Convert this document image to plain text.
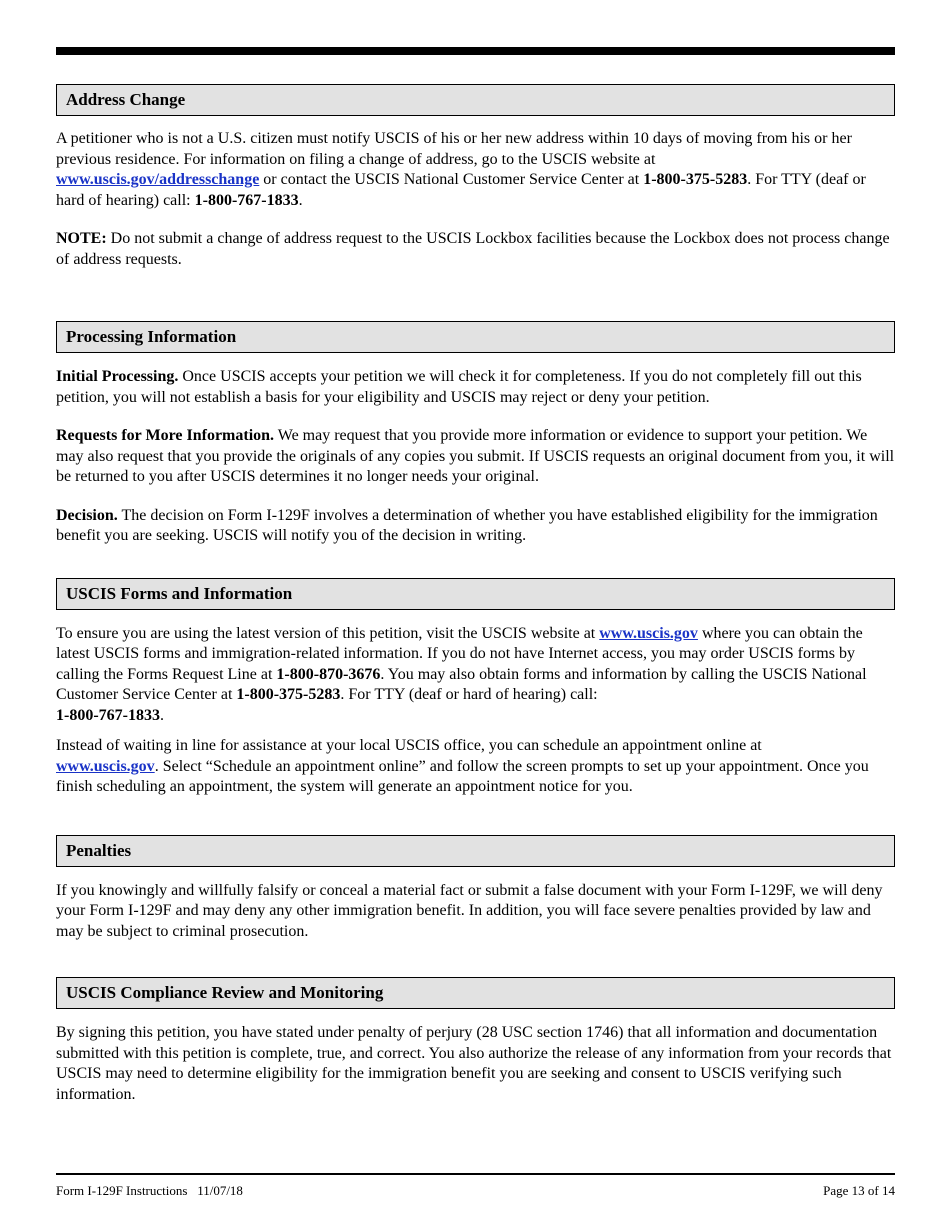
Address Change

A petitioner who is not a U.S. citizen must notify USCIS of his or her new address within 10 days of moving from his or her previous residence. For information on filing a change of address, go to the USCIS website at
www.uscis.gov/addresschange or contact the USCIS National Customer Service Center at 1-800-375-5283. For TTY (deaf or hard of hearing) call: 1-800-767-1833.

NOTE: Do not submit a change of address request to the USCIS Lockbox facilities because the Lockbox does not process change of address requests.

Processing Information

Initial Processing. Once USCIS accepts your petition we will check it for completeness. If you do not completely fill out this petition, you will not establish a basis for your eligibility and USCIS may reject or deny your petition.

Requests for More Information. We may request that you provide more information or evidence to support your petition. We may also request that you provide the originals of any copies you submit. If USCIS requests an original document from you, it will be returned to you after USCIS determines it no longer needs your original.

Decision. The decision on Form I-129F involves a determination of whether you have established eligibility for the immigration benefit you are seeking. USCIS will notify you of the decision in writing.

USCIS Forms and Information

To ensure you are using the latest version of this petition, visit the USCIS website at www.uscis.gov where you can obtain the latest USCIS forms and immigration-related information. If you do not have Internet access, you may order USCIS forms by calling the Forms Request Line at 1-800-870-3676. You may also obtain forms and information by calling the USCIS National Customer Service Center at 1-800-375-5283. For TTY (deaf or hard of hearing) call:
1-800-767-1833.

Instead of waiting in line for assistance at your local USCIS office, you can schedule an appointment online at
www.uscis.gov. Select “Schedule an appointment online” and follow the screen prompts to set up your appointment. Once you finish scheduling an appointment, the system will generate an appointment notice for you.

Penalties

If you knowingly and willfully falsify or conceal a material fact or submit a false document with your Form I-129F, we will deny your Form I-129F and may deny any other immigration benefit. In addition, you will face severe penalties provided by law and may be subject to criminal prosecution.

USCIS Compliance Review and Monitoring

By signing this petition, you have stated under penalty of perjury (28 USC section 1746) that all information and documentation submitted with this petition is complete, true, and correct. You also authorize the release of any information from your records that USCIS may need to determine eligibility for the immigration benefit you are seeking and consent to USCIS verifying such information.

Form I-129F Instructions   11/07/18	Page 13 of 14
